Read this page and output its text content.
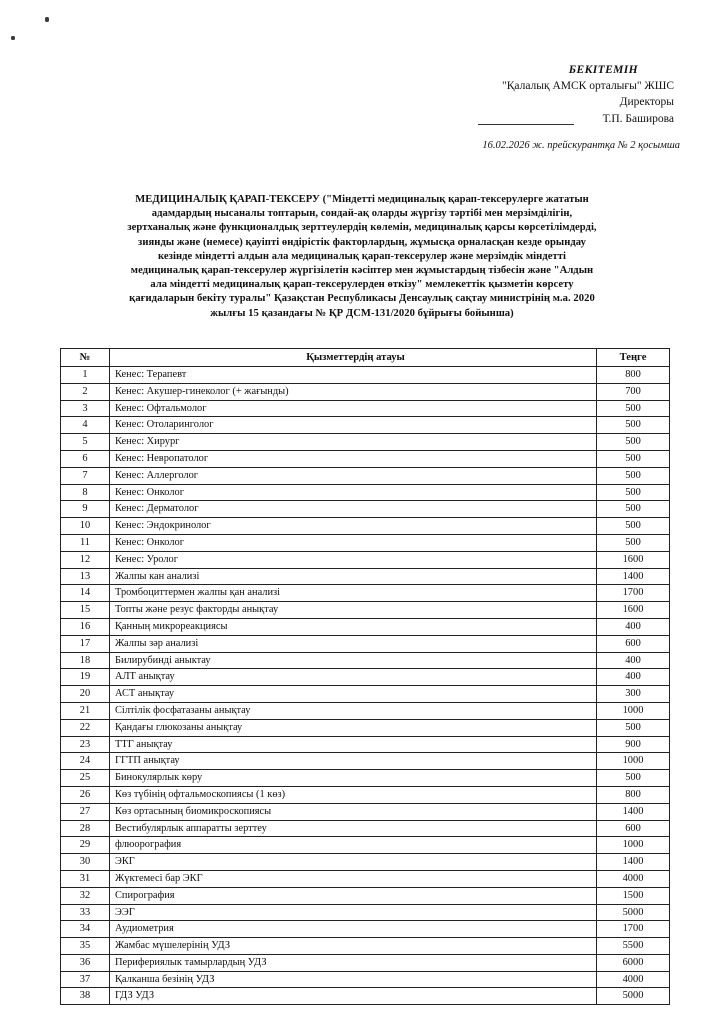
БЕКІТЕМІН
"Қалалық АМСК орталығы" ЖШС
Директоры
Т.П. Баширова
16.02.2026 ж. прейскурантқа № 2 қосымша
МЕДИЦИНАЛЫҚ ҚАРАП-ТЕКСЕРУ ("Міндетті медициналық қарап-тексерулерге жататын
адамдардың нысаналы топтарын, сондай-ақ оларды жүргізу тәртібі мен мерзімділігін,
зертханалық және функционалдық зерттеулердің көлемін, медициналық қарсы көрсетілімдерді,
зиянды және (немесе) қауіпті өндірістік факторлардың, жұмысқа орналасқан кезде орындау
кезінде міндетті алдын ала медициналық қарап-тексерулер және мерзімдік міндетті
медициналық қарап-тексерулер жүргізілетін кәсіптер мен жұмыстардың тізбесін және "Алдын
ала міндетті медициналық қарап-тексерулерден өткізу" мемлекеттік қызметін көрсету
қағидаларын бекіту туралы" Қазақстан Республикасы Денсаулық сақтау министрінің м.а. 2020
жылғы 15 қазандағы № ҚР ДСМ-131/2020 бұйрығы бойынша)
№	Қызметтердің атауы	Теңге
1	Кенес: Терапевт	800
2	Кенес: Акушер-гинеколог (+ жағынды)	700
3	Кенес: Офтальмолог	500
4	Кенес: Отоларинголог	500
5	Кенес: Хирург	500
6	Кенес: Невропатолог	500
7	Кенес: Аллерголог	500
8	Кенес: Онколог	500
9	Кенес: Дерматолог	500
10	Кенес: Эндокринолог	500
11	Кенес: Онколог	500
12	Кенес: Уролог	1600
13	Жалпы кан анализі	1400
14	Тромбоциттермен жалпы қан анализі	1700
15	Топты және резус факторды анықтау	1600
16	Қанның микрореакциясы	400
17	Жалпы зәр анализі	600
18	Билирубинді аныктау	400
19	АЛТ анықтау	400
20	АСТ анықтау	300
21	Сілтілік фосфатазаны анықтау	1000
22	Қандағы глюкозаны анықтау	500
23	ТТГ анықтау	900
24	ГГТП анықтау	1000
25	Бинокулярлык көру	500
26	Көз түбінің офтальмоскопиясы (1 көз)	800
27	Көз ортасының биомикроскопиясы	1400
28	Вестибулярлык аппаратты зерттеу	600
29	флюорография	1000
30	ЭКГ	1400
31	Жүктемесі бар ЭКГ	4000
32	Спирография	1500
33	ЭЭГ	5000
34	Аудиометрия	1700
35	Жамбас мүшелерінің УДЗ	5500
36	Перифериялык тамырлардың УДЗ	6000
37	Қалканша безінің УДЗ	4000
38	ГДЗ УДЗ	5000
